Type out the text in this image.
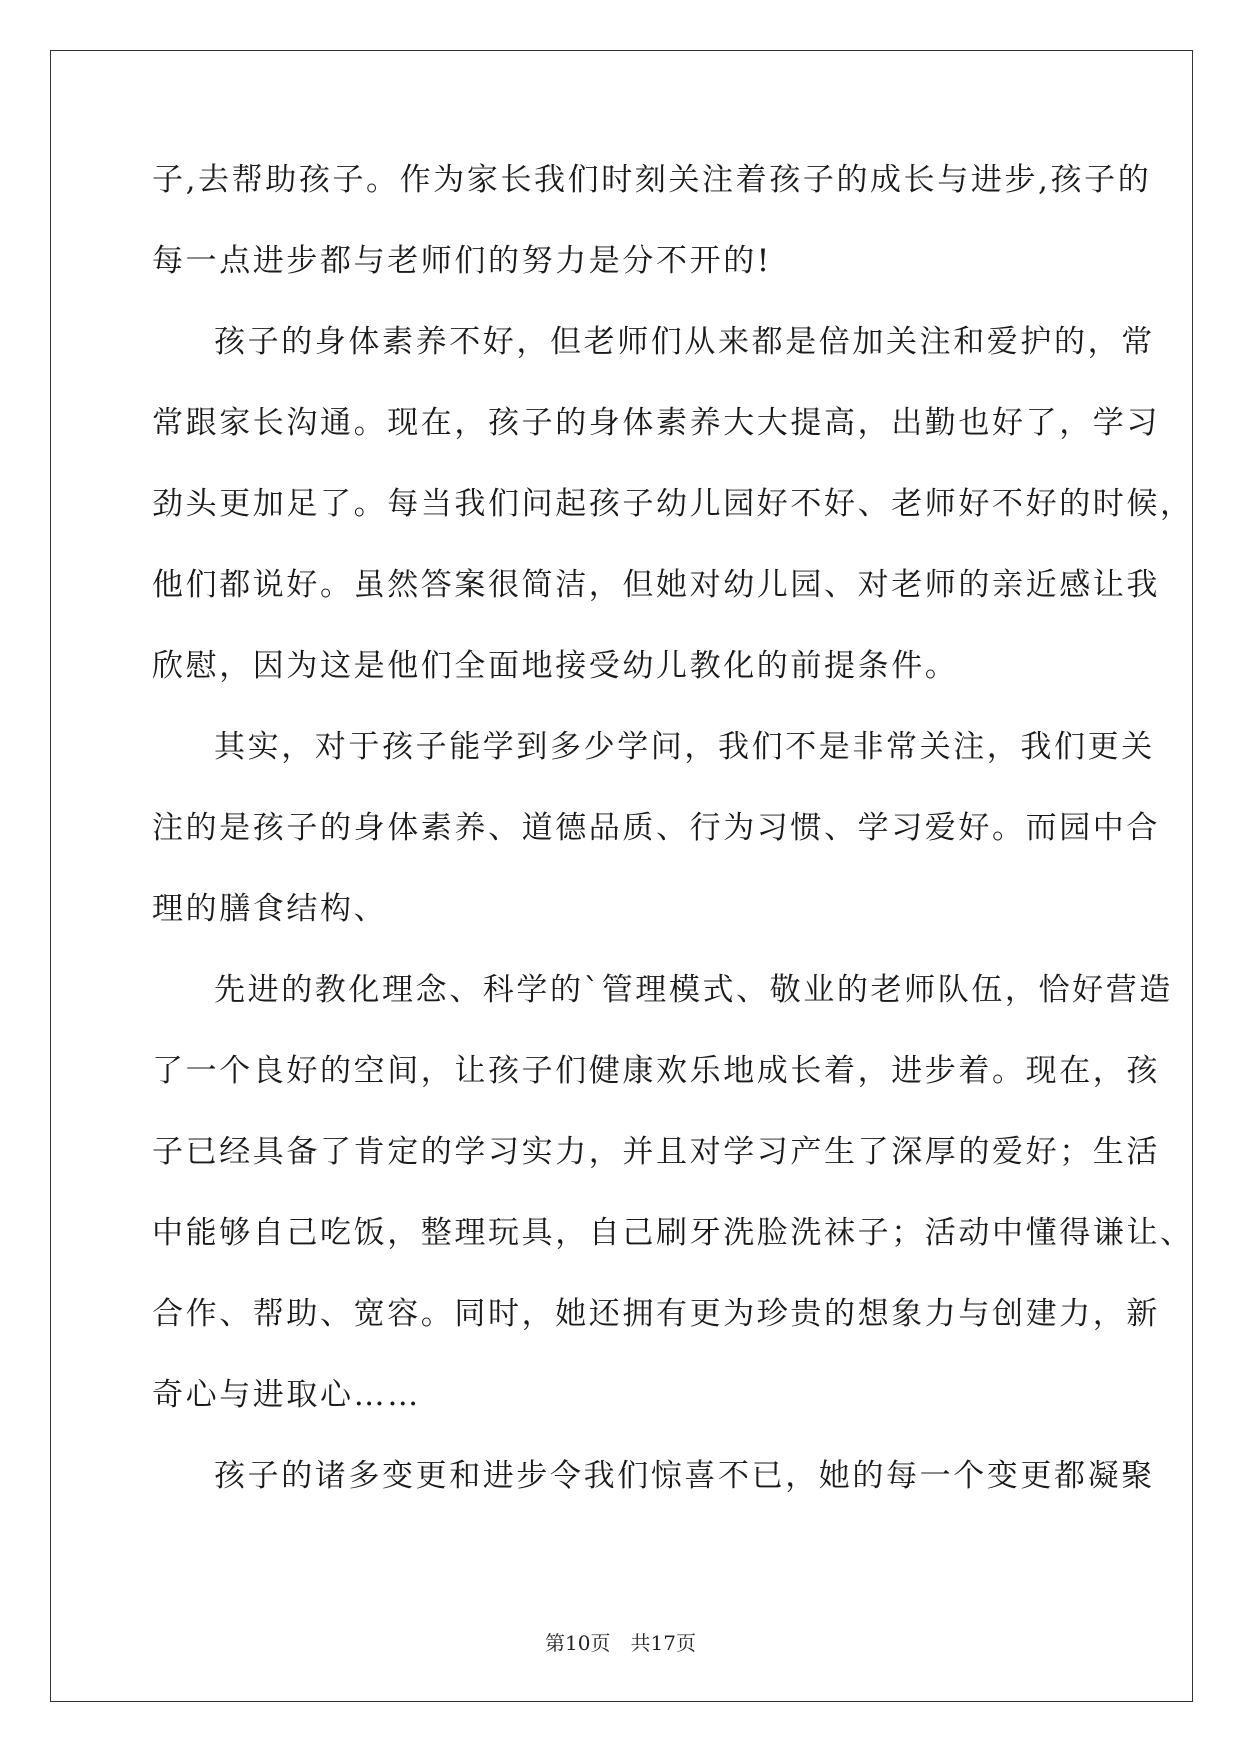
子,去帮助孩子。作为家长我们时刻关注着孩子的成长与进步,孩子的
每一点进步都与老师们的努力是分不开的!
孩子的身体素养不好，但老师们从来都是倍加关注和爱护的，常
常跟家长沟通。现在，孩子的身体素养大大提高，出勤也好了，学习
劲头更加足了。每当我们问起孩子幼儿园好不好、老师好不好的时候，
他们都说好。虽然答案很简洁，但她对幼儿园、对老师的亲近感让我
欣慰，因为这是他们全面地接受幼儿教化的前提条件。
其实，对于孩子能学到多少学问，我们不是非常关注，我们更关
注的是孩子的身体素养、道德品质、行为习惯、学习爱好。而园中合
理的膳食结构、
先进的教化理念、科学的`管理模式、敬业的老师队伍，恰好营造
了一个良好的空间，让孩子们健康欢乐地成长着，进步着。现在，孩
子已经具备了肯定的学习实力，并且对学习产生了深厚的爱好；生活
中能够自己吃饭，整理玩具，自己刷牙洗脸洗袜子；活动中懂得谦让、
合作、帮助、宽容。同时，她还拥有更为珍贵的想象力与创建力，新
奇心与进取心……
孩子的诸多变更和进步令我们惊喜不已，她的每一个变更都凝聚
第10页　共17页
